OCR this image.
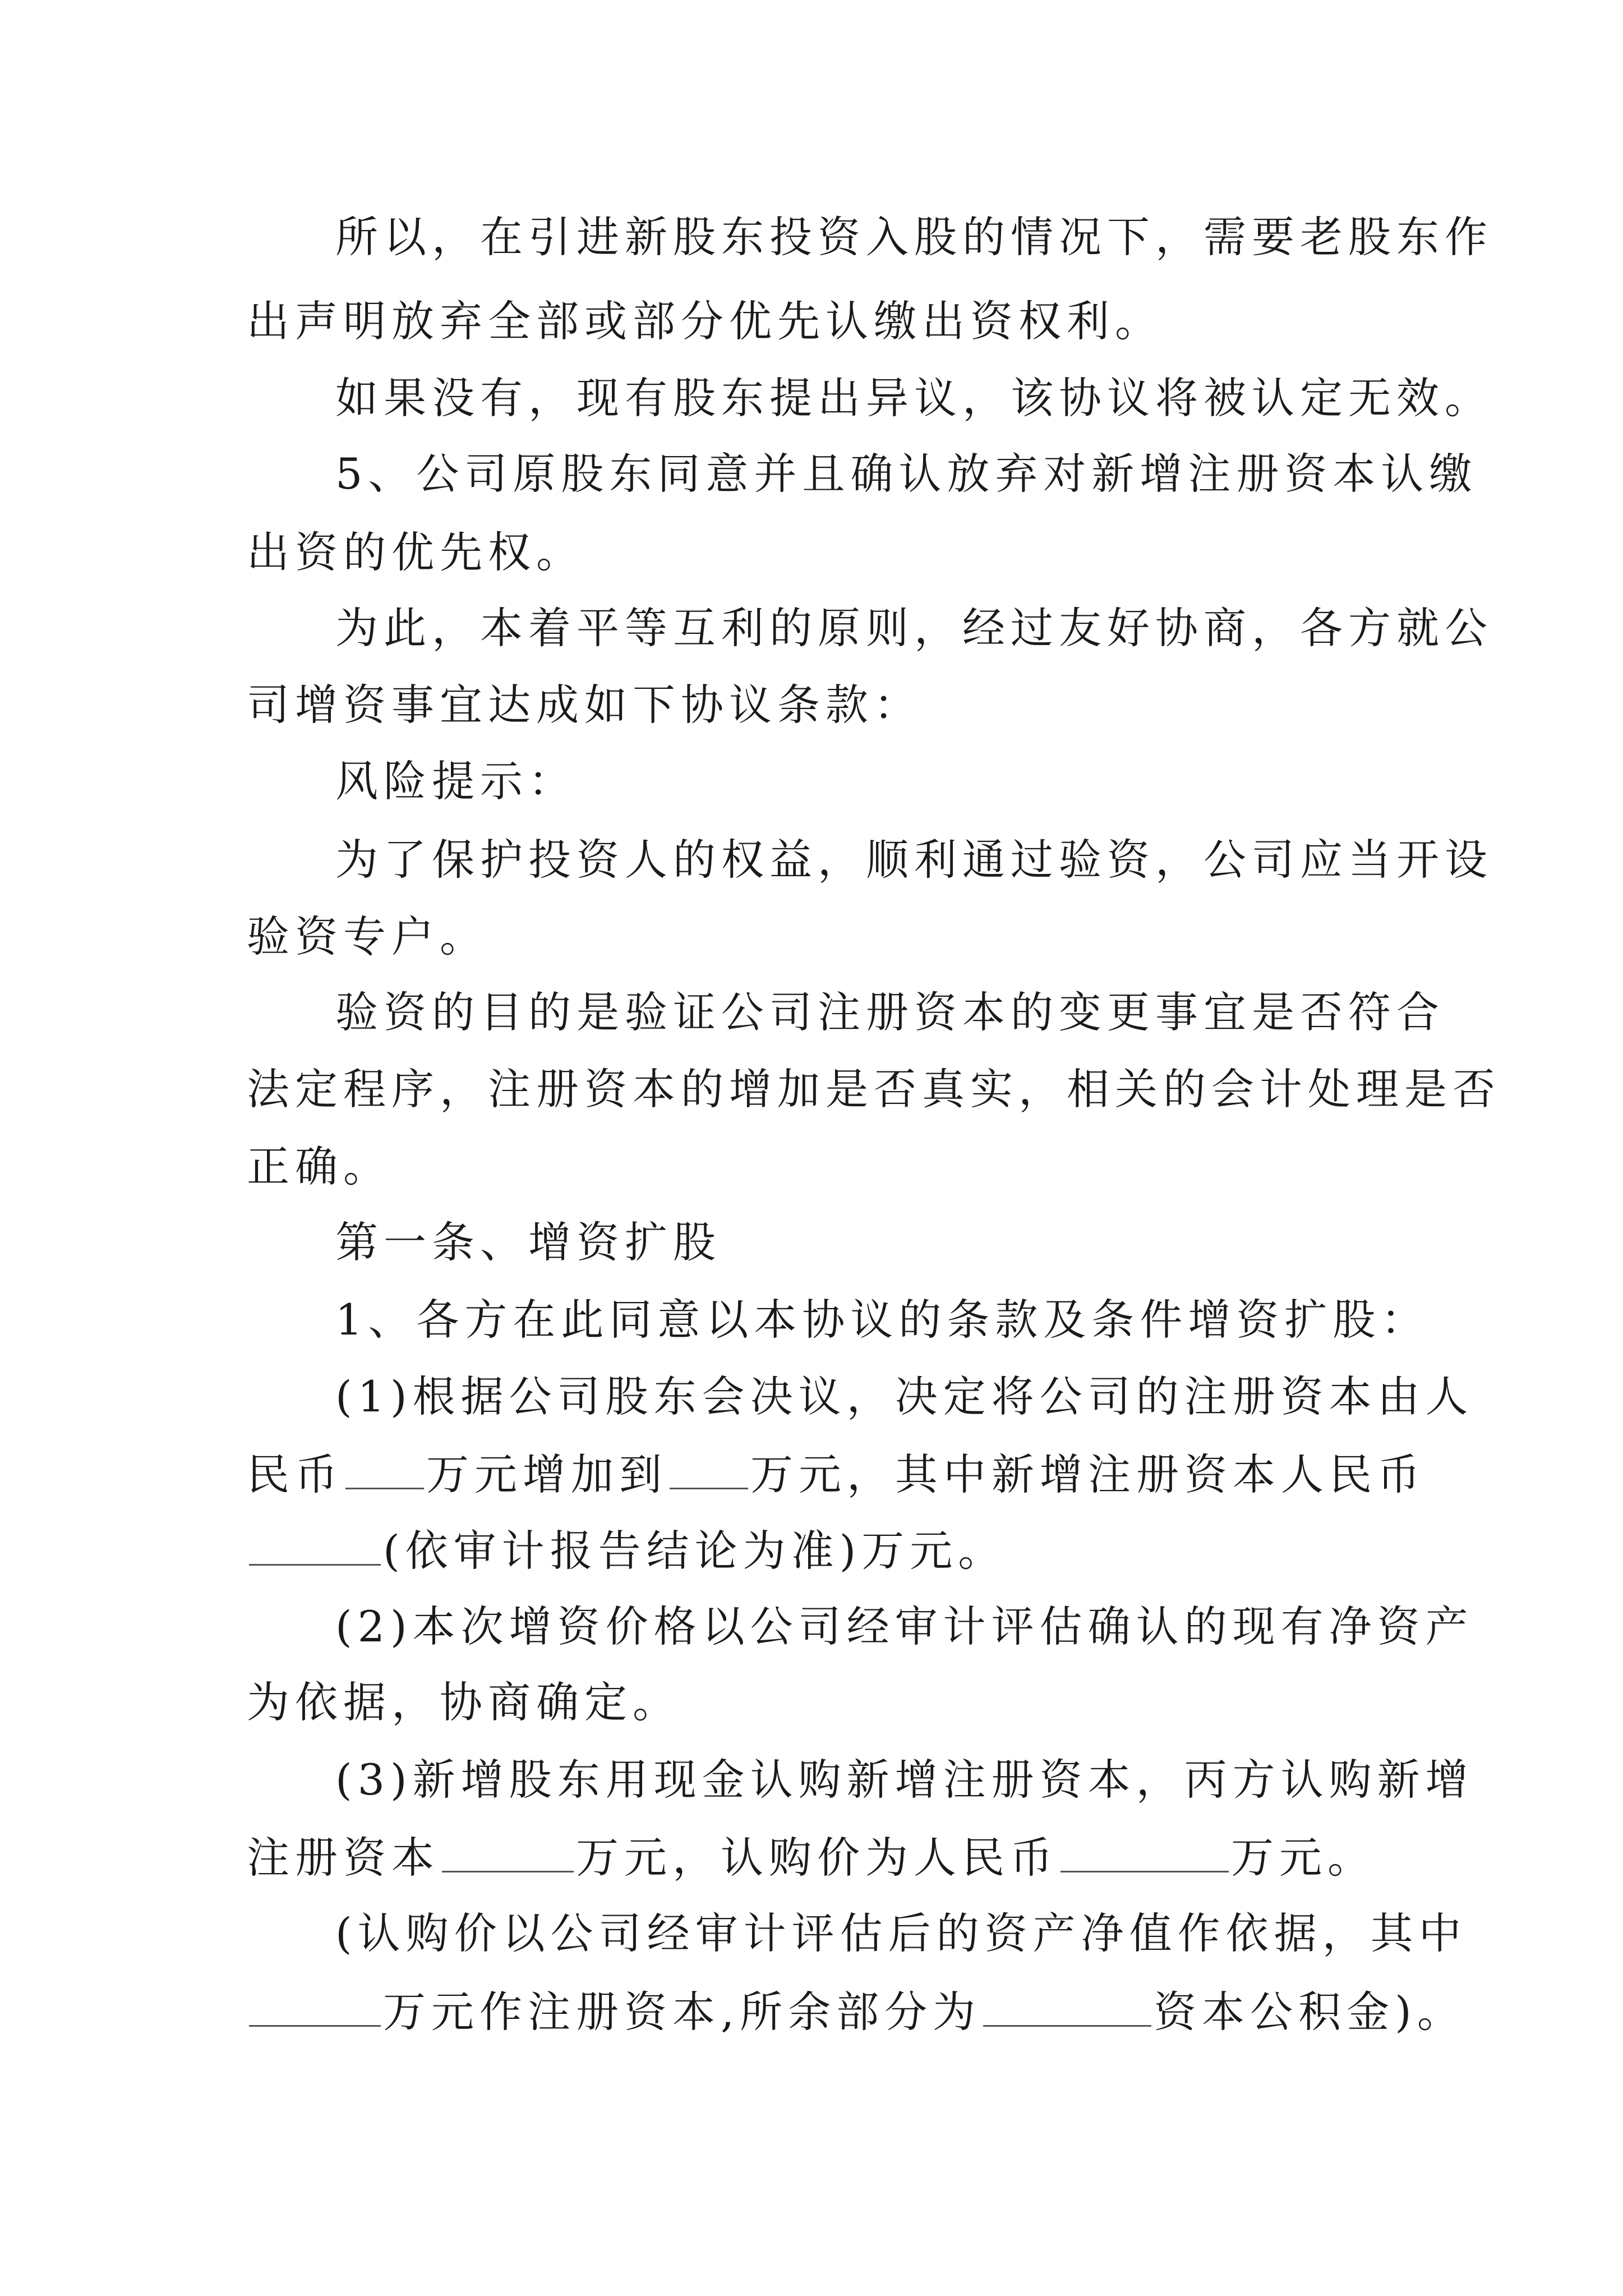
所以，在引进新股东投资入股的情况下，需要老股东作
出声明放弃全部或部分优先认缴出资权利。
如果没有，现有股东提出异议，该协议将被认定无效。
5、公司原股东同意并且确认放弃对新增注册资本认缴
出资的优先权。
为此，本着平等互利的原则，经过友好协商，各方就公
司增资事宜达成如下协议条款：
风险提示：
为了保护投资人的权益，顺利通过验资，公司应当开设
验资专户。
验资的目的是验证公司注册资本的变更事宜是否符合
法定程序，注册资本的增加是否真实，相关的会计处理是否
正确。
第一条、增资扩股
1、各方在此同意以本协议的条款及条件增资扩股：
(1)根据公司股东会决议，决定将公司的注册资本由人
民币 万元增加到 万元，其中新增注册资本人民币
(依审计报告结论为准)万元。
(2)本次增资价格以公司经审计评估确认的现有净资产
为依据，协商确定。
(3)新增股东用现金认购新增注册资本，丙方认购新增
注册资本	万元，认购价为人民币	万元。
(认购价以公司经审计评估后的资产净值作依据，其中
万元作注册资本,所余部分为	资本公积金)。
